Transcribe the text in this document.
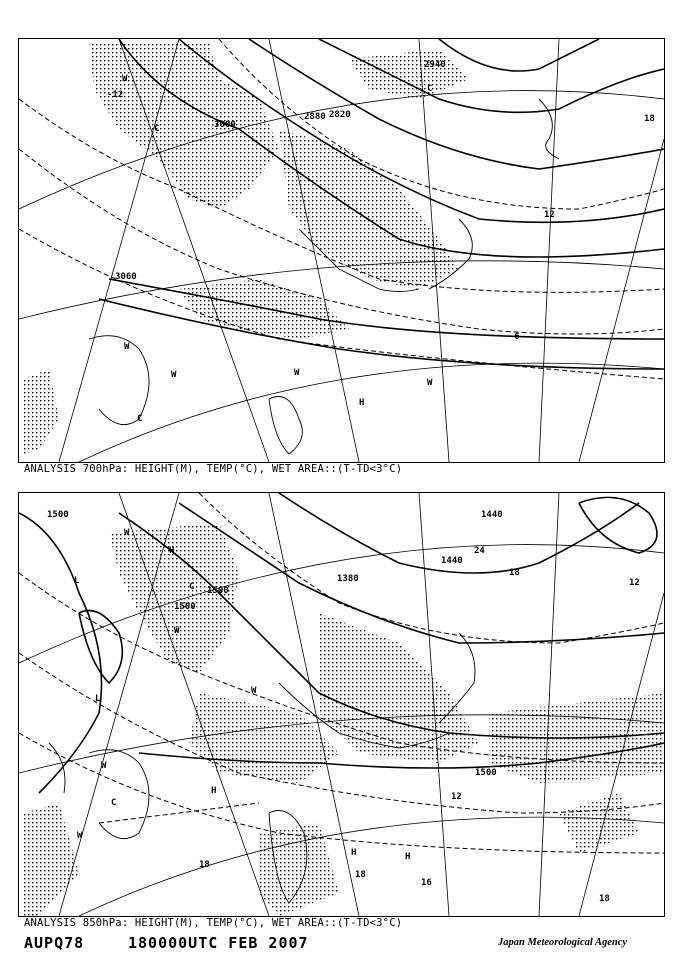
2820
2880
2940
3000
3060
-12
-6
18
12
W
C
W
W
C
H
W
W
C
ANALYSIS 700hPa: HEIGHT(M), TEMP(°C), WET AREA::(T-TD<3°C)
1500
1500
1500
1380
1440
1440
1500
24
18
12
12
18
18
16
18
L
W
C
L
W
C
H
W
H
W
H
W
H
ANALYSIS 850hPa: HEIGHT(M), TEMP(°C), WET AREA::(T-TD<3°C)
AUPQ78	180000UTC FEB 2007	Japan Meteorological Agency
